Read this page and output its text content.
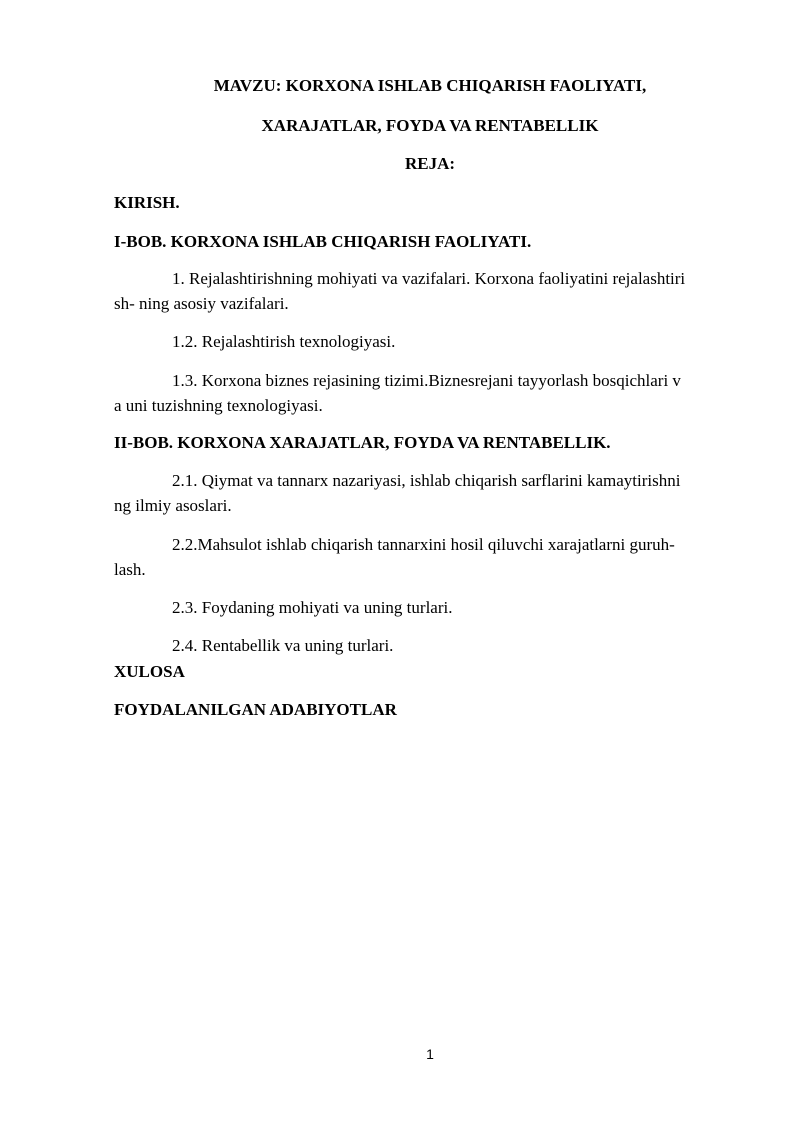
MAVZU: KORXONA ISHLAB CHIQARISH FAOLIYATI,

XARAJATLAR, FOYDA VA RENTABELLIK

REJA:

KIRISH.

I-BOB. KORXONA ISHLAB CHIQARISH FAOLIYATI.

1. Rejalashtirishning mohiyati va vazifalari. Korxona faoliyatini rejalashtiri

sh- ning asosiy vazifalari.

1.2. Rejalashtirish texnologiyasi.

1.3. Korxona biznes rejasining tizimi.Biznesrejani tayyorlash bosqichlari v

a uni tuzishning texnologiyasi.

II-BOB. KORXONA XARAJATLAR, FOYDA VA RENTABELLIK.

2.1. Qiymat va tannarx nazariyasi, ishlab chiqarish sarflarini kamaytirishni

ng ilmiy asoslari.

2.2.Mahsulot ishlab chiqarish tannarxini hosil qiluvchi xarajatlarni guruh-

lash.

2.3. Foydaning mohiyati va uning turlari.

2.4. Rentabellik va uning turlari.

XULOSA

FOYDALANILGAN ADABIYOTLAR

1
